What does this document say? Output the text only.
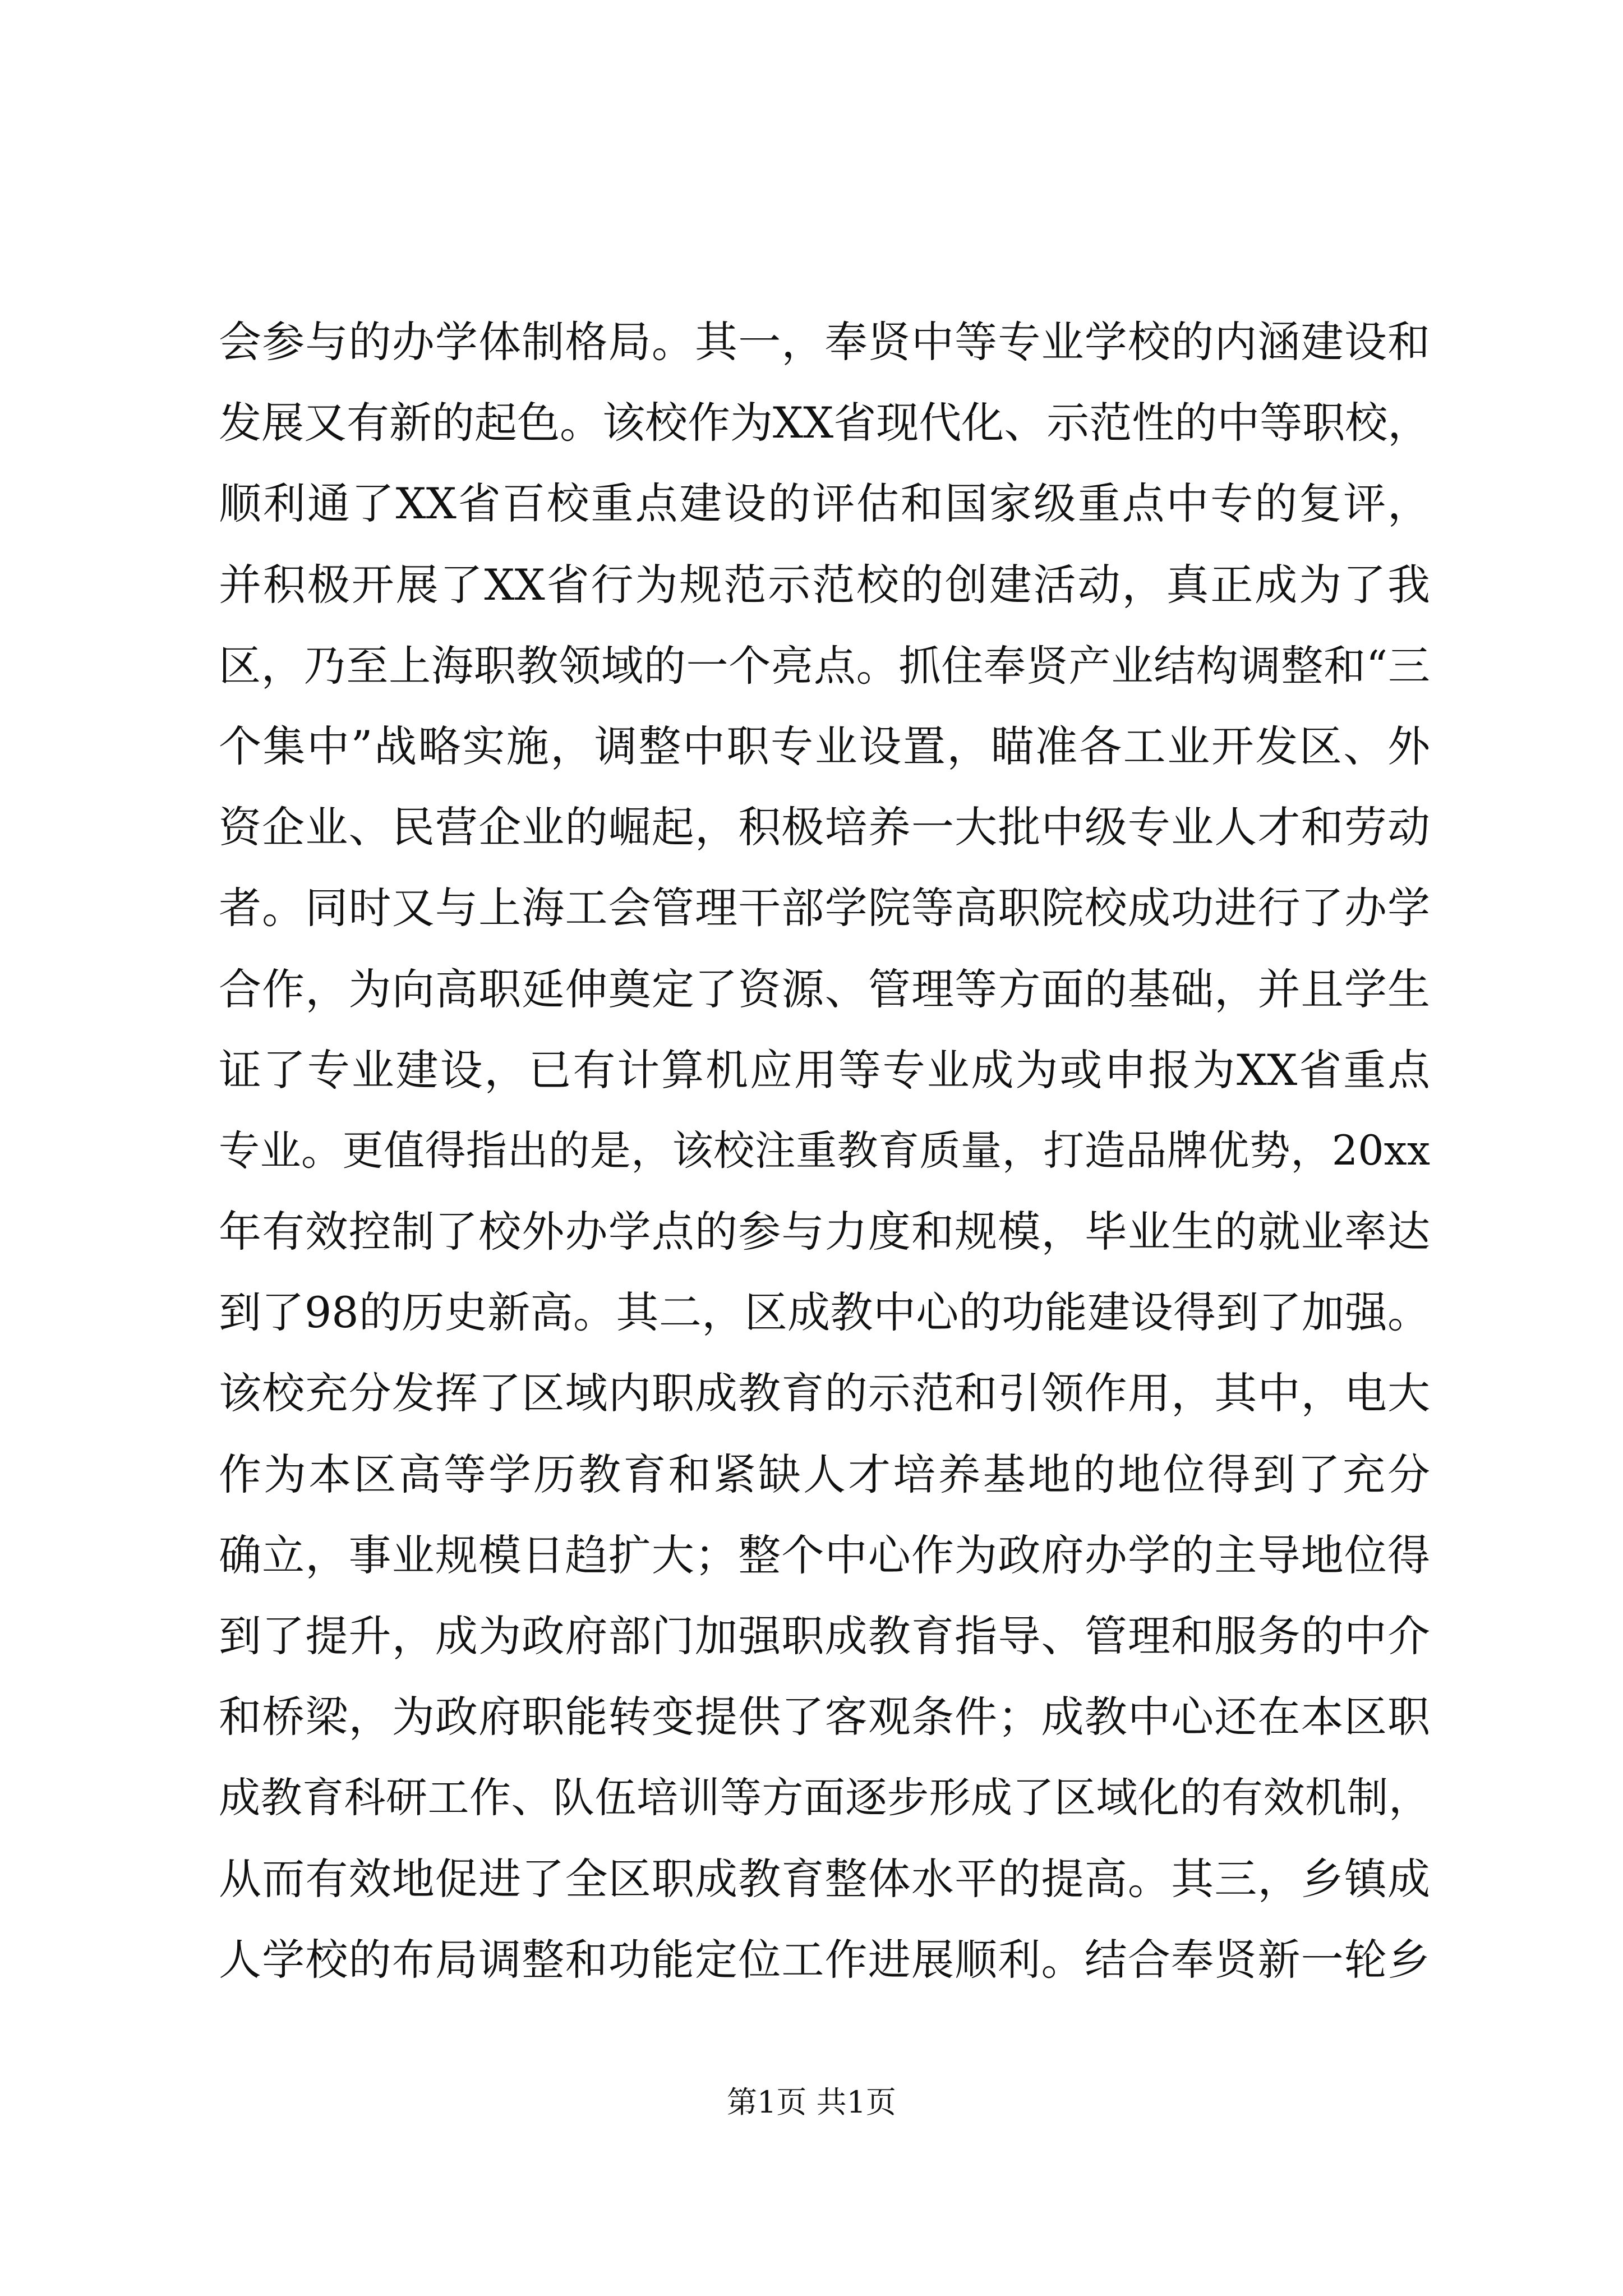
会参与的办学体制格局。其一，奉贤中等专业学校的内涵建设和
发展又有新的起色。该校作为XX省现代化、示范性的中等职校，
顺利通了XX省百校重点建设的评估和国家级重点中专的复评，
并积极开展了XX省行为规范示范校的创建活动，真正成为了我
区，乃至上海职教领域的一个亮点。抓住奉贤产业结构调整和“三
个集中”战略实施，调整中职专业设置，瞄准各工业开发区、外
资企业、民营企业的崛起，积极培养一大批中级专业人才和劳动
者。同时又与上海工会管理干部学院等高职院校成功进行了办学
合作，为向高职延伸奠定了资源、管理等方面的基础，并且学生
证了专业建设，已有计算机应用等专业成为或申报为XX省重点
专业。更值得指出的是，该校注重教育质量，打造品牌优势，20xx
年有效控制了校外办学点的参与力度和规模，毕业生的就业率达
到了98的历史新高。其二，区成教中心的功能建设得到了加强。
该校充分发挥了区域内职成教育的示范和引领作用，其中，电大
作为本区高等学历教育和紧缺人才培养基地的地位得到了充分
确立，事业规模日趋扩大；整个中心作为政府办学的主导地位得
到了提升，成为政府部门加强职成教育指导、管理和服务的中介
和桥梁，为政府职能转变提供了客观条件；成教中心还在本区职
成教育科研工作、队伍培训等方面逐步形成了区域化的有效机制，
从而有效地促进了全区职成教育整体水平的提高。其三，乡镇成
人学校的布局调整和功能定位工作进展顺利。结合奉贤新一轮乡
第1页 共1页
